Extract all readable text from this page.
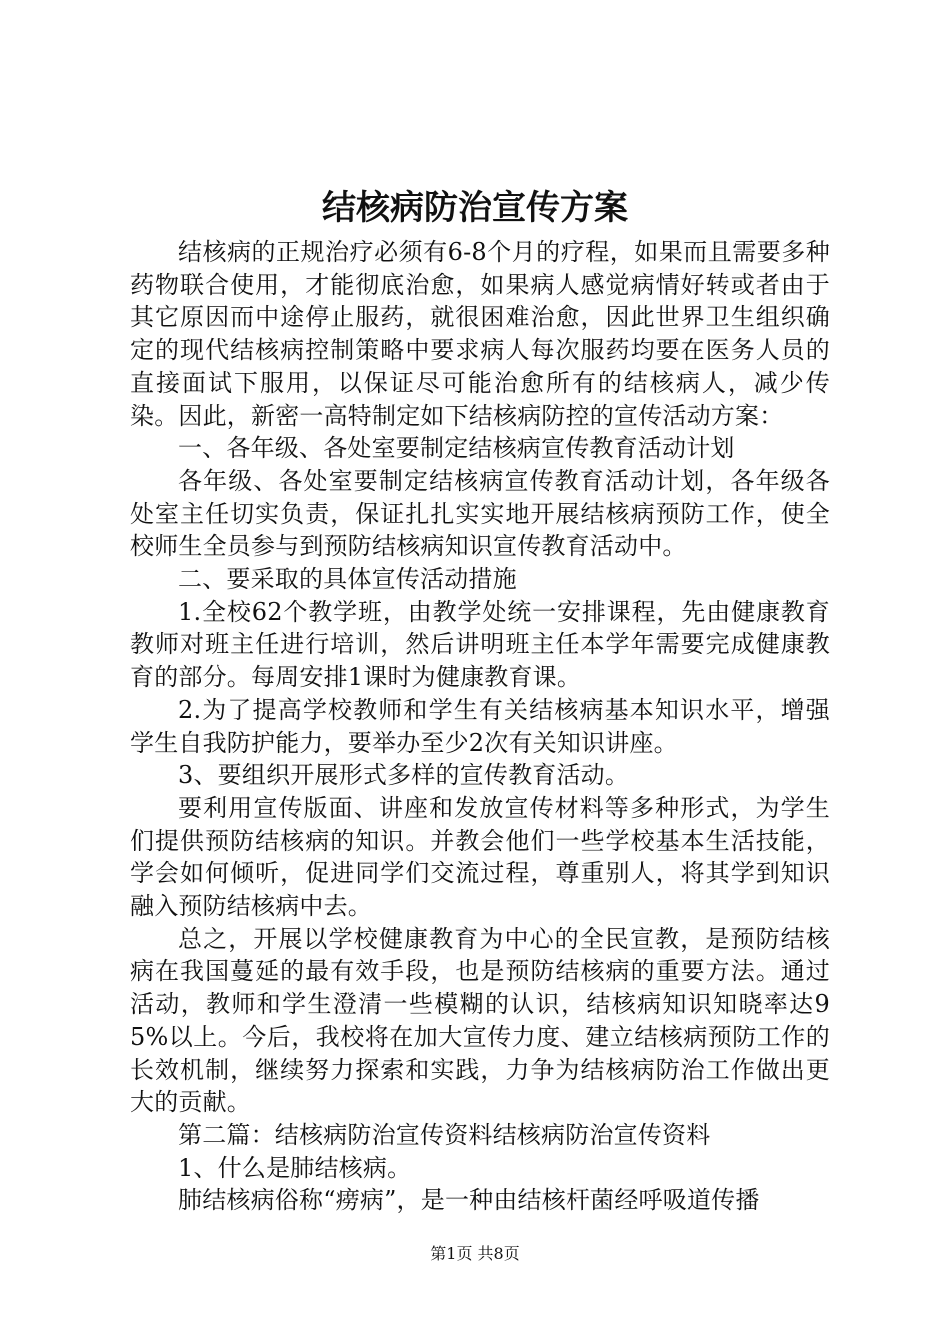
结核病防治宣传方案

结核病的正规治疗必须有6-8个月的疗程，如果而且需要多种药物联合使用，才能彻底治愈，如果病人感觉病情好转或者由于其它原因而中途停止服药，就很困难治愈，因此世界卫生组织确定的现代结核病控制策略中要求病人每次服药均要在医务人员的直接面试下服用，以保证尽可能治愈所有的结核病人，减少传染。因此，新密一高特制定如下结核病防控的宣传活动方案：

一、各年级、各处室要制定结核病宣传教育活动计划

各年级、各处室要制定结核病宣传教育活动计划，各年级各处室主任切实负责，保证扎扎实实地开展结核病预防工作，使全校师生全员参与到预防结核病知识宣传教育活动中。

二、要采取的具体宣传活动措施

1.全校62个教学班，由教学处统一安排课程，先由健康教育教师对班主任进行培训，然后讲明班主任本学年需要完成健康教育的部分。每周安排1课时为健康教育课。

2.为了提高学校教师和学生有关结核病基本知识水平，增强学生自我防护能力，要举办至少2次有关知识讲座。

3、要组织开展形式多样的宣传教育活动。

要利用宣传版面、讲座和发放宣传材料等多种形式，为学生们提供预防结核病的知识。并教会他们一些学校基本生活技能，学会如何倾听，促进同学们交流过程，尊重别人，将其学到知识融入预防结核病中去。

总之，开展以学校健康教育为中心的全民宣教，是预防结核病在我国蔓延的最有效手段，也是预防结核病的重要方法。通过活动，教师和学生澄清一些模糊的认识，结核病知识知晓率达95%以上。今后，我校将在加大宣传力度、建立结核病预防工作的长效机制，继续努力探索和实践，力争为结核病防治工作做出更大的贡献。

第二篇：结核病防治宣传资料结核病防治宣传资料

1、什么是肺结核病。

肺结核病俗称“痨病”，是一种由结核杆菌经呼吸道传播

第1页 共8页
